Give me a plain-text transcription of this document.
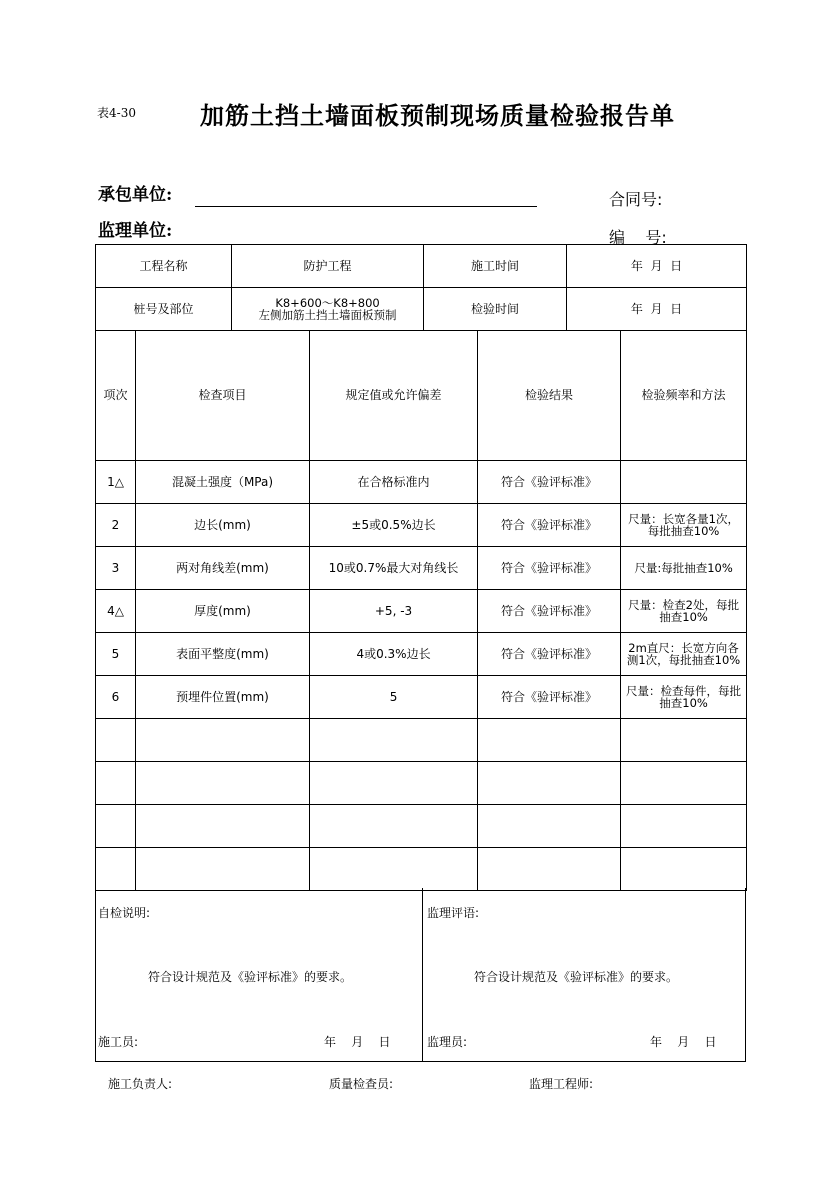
表4-30	加筋土挡土墙面板预制现场质量检验报告单
承包单位:
监理单位:
合同号:
编    号:
工程名称		防护工程		施工时间		年  月  日	
桩号及部位		K8+600～K8+800
左侧加筋土挡土墙面板预制		检验时间		年  月  日	
项次	检查项目		规定值或允许偏差		检验结果		检验频率和方法
1△	混凝土强度（MPa)		在合格标准内		符合《验评标准》		
2	边长(mm)		±5或0.5%边长		符合《验评标准》		尺量：长宽各量1次，每批抽查10%
3	两对角线差(mm)		10或0.7%最大对角线长		符合《验评标准》		尺量:每批抽查10%
4△	厚度(mm)		+5, -3		符合《验评标准》		尺量：检查2处，每批抽查10%
5	表面平整度(mm)		4或0.3%边长		符合《验评标准》		2m直尺：长宽方向各测1次，每批抽查10%
6	预埋件位置(mm)		5		符合《验评标准》		尺量：检查每件，每批抽查10%

自检说明:
符合设计规范及《验评标准》的要求。
施工员:	年    月    日
监理评语:
符合设计规范及《验评标准》的要求。
监理员:	年    月    日
施工负责人:	质量检查员:	监理工程师:
